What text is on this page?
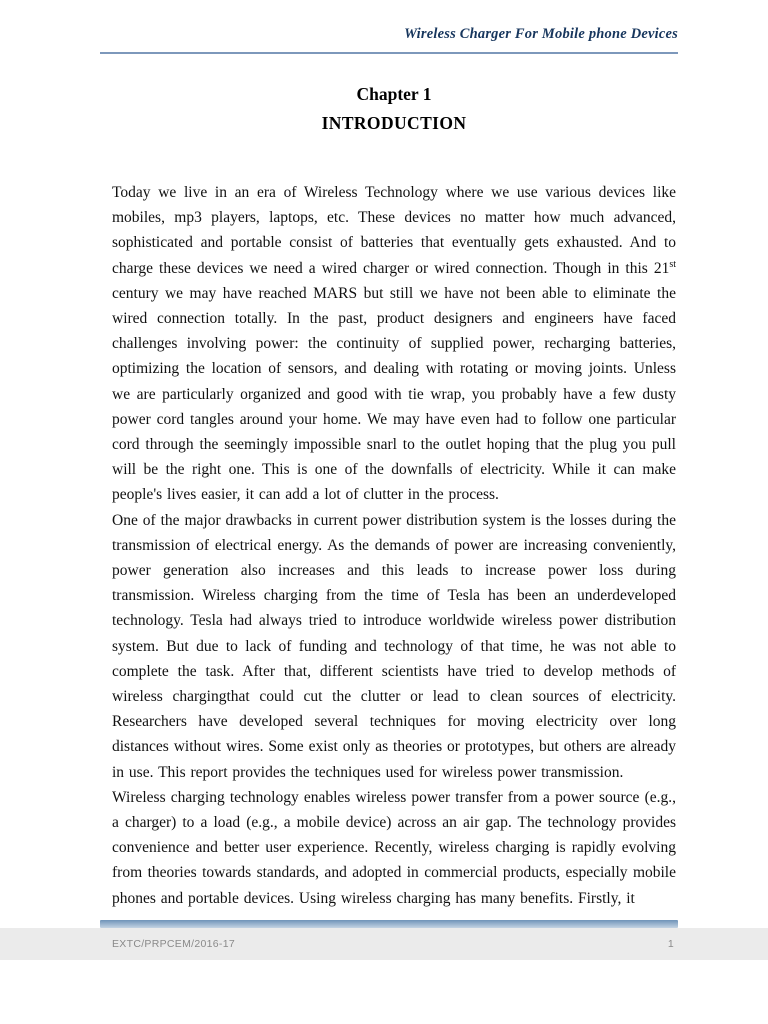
Wireless Charger For Mobile phone Devices
Chapter 1
INTRODUCTION

Today we live in an era of Wireless Technology where we use various devices like mobiles, mp3 players, laptops, etc. These devices no matter how much advanced, sophisticated and portable consist of batteries that eventually gets exhausted. And to charge these devices we need a wired charger or wired connection. Though in this 21st century we may have reached MARS but still we have not been able to eliminate the wired connection totally. In the past, product designers and engineers have faced challenges involving power: the continuity of supplied power, recharging batteries, optimizing the location of sensors, and dealing with rotating or moving joints. Unless we are particularly organized and good with tie wrap, you probably have a few dusty power cord tangles around your home. We may have even had to follow one particular cord through the seemingly impossible snarl to the outlet hoping that the plug you pull will be the right one. This is one of the downfalls of electricity. While it can make people's lives easier, it can add a lot of clutter in the process.

One of the major drawbacks in current power distribution system is the losses during the transmission of electrical energy. As the demands of power are increasing conveniently, power generation also increases and this leads to increase power loss during transmission. Wireless charging from the time of Tesla has been an underdeveloped technology. Tesla had always tried to introduce worldwide wireless power distribution system. But due to lack of funding and technology of that time, he was not able to complete the task. After that, different scientists have tried to develop methods of wireless chargingthat could cut the clutter or lead to clean sources of electricity. Researchers have developed several techniques for moving electricity over long distances without wires. Some exist only as theories or prototypes, but others are already in use. This report provides the techniques used for wireless power transmission.

Wireless charging technology enables wireless power transfer from a power source (e.g., a charger) to a load (e.g., a mobile device) across an air gap. The technology provides convenience and better user experience. Recently, wireless charging is rapidly evolving from theories towards standards, and adopted in commercial products, especially mobile phones and portable devices. Using wireless charging has many benefits. Firstly, it

EXTC/PRPCEM/2016-17	1
